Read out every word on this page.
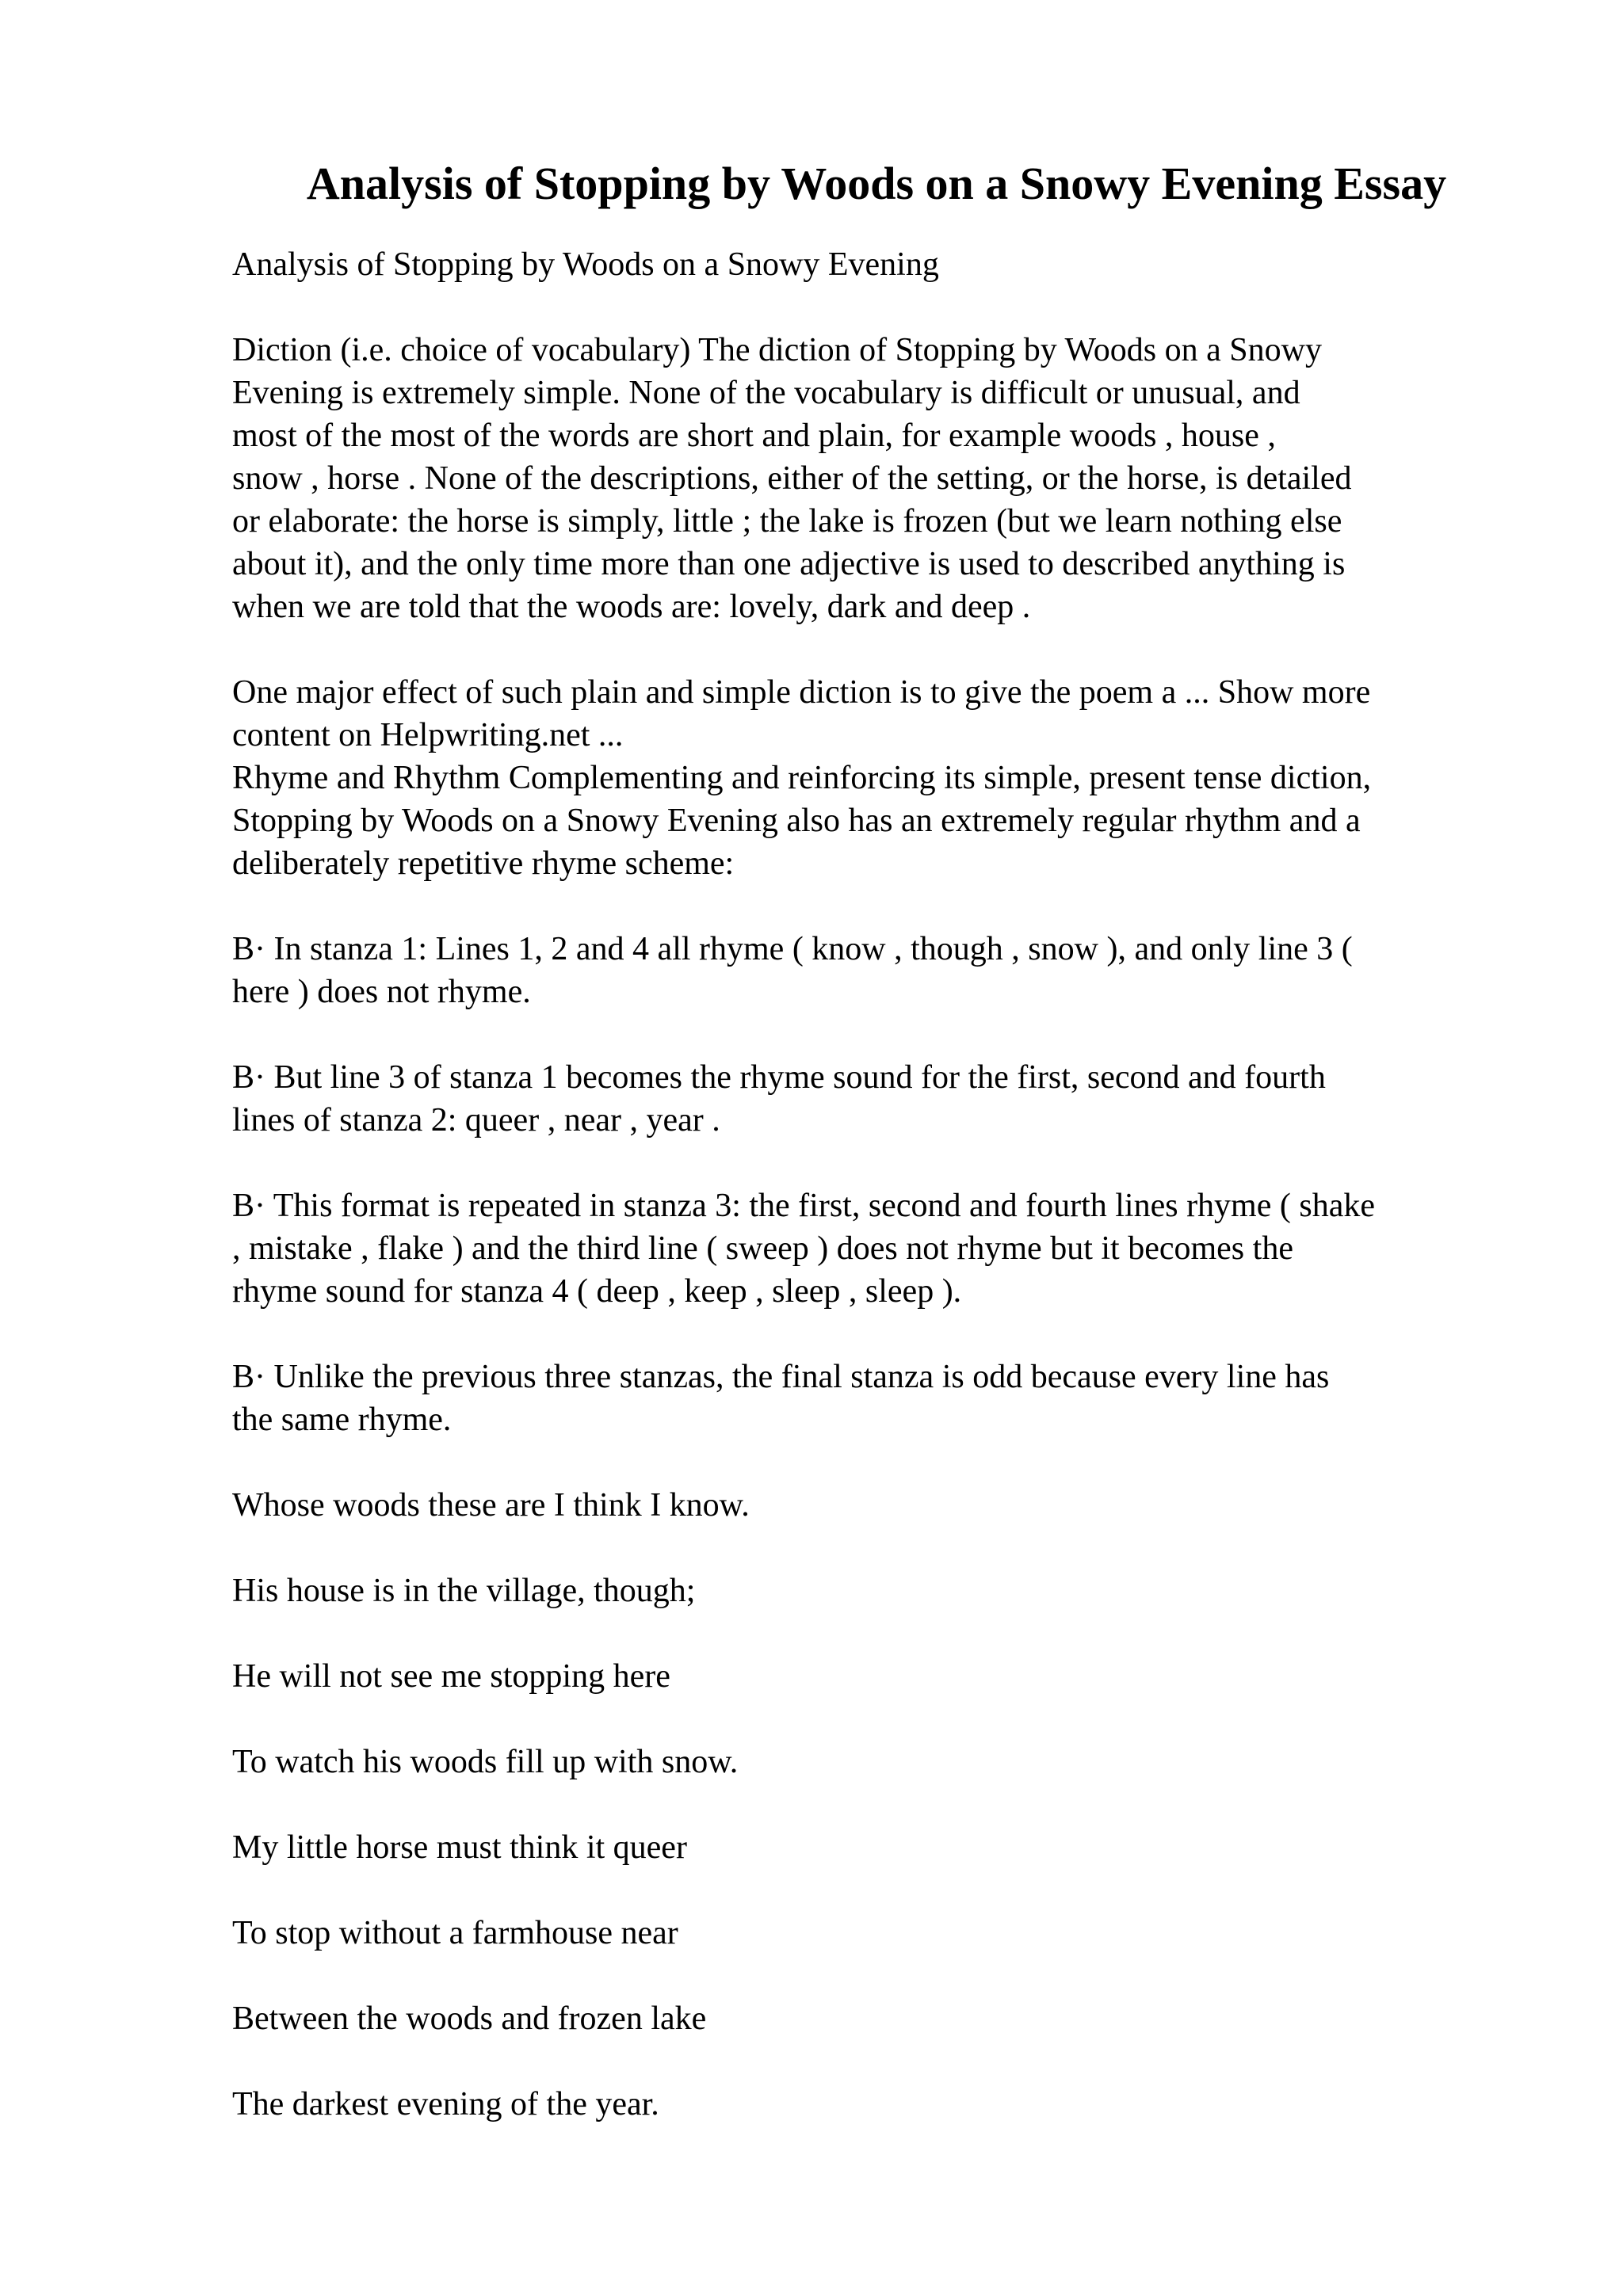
Analysis of Stopping by Woods on a Snowy Evening Essay

Analysis of Stopping by Woods on a Snowy Evening

Diction (i.e. choice of vocabulary) The diction of Stopping by Woods on a Snowy
Evening is extremely simple. None of the vocabulary is difficult or unusual, and
most of the most of the words are short and plain, for example woods , house ,
snow , horse . None of the descriptions, either of the setting, or the horse, is detailed
or elaborate: the horse is simply, little ; the lake is frozen (but we learn nothing else
about it), and the only time more than one adjective is used to described anything is
when we are told that the woods are: lovely, dark and deep .

One major effect of such plain and simple diction is to give the poem a ... Show more
content on Helpwriting.net ...

Rhyme and Rhythm Complementing and reinforcing its simple, present tense diction,
Stopping by Woods on a Snowy Evening also has an extremely regular rhythm and a
deliberately repetitive rhyme scheme:

B· In stanza 1: Lines 1, 2 and 4 all rhyme ( know , though , snow ), and only line 3 (
here ) does not rhyme.

B· But line 3 of stanza 1 becomes the rhyme sound for the first, second and fourth
lines of stanza 2: queer , near , year .

B· This format is repeated in stanza 3: the first, second and fourth lines rhyme ( shake
, mistake , flake ) and the third line ( sweep ) does not rhyme but it becomes the
rhyme sound for stanza 4 ( deep , keep , sleep , sleep ).

B· Unlike the previous three stanzas, the final stanza is odd because every line has
the same rhyme.

Whose woods these are I think I know.

His house is in the village, though;

He will not see me stopping here

To watch his woods fill up with snow.

My little horse must think it queer

To stop without a farmhouse near

Between the woods and frozen lake

The darkest evening of the year.
